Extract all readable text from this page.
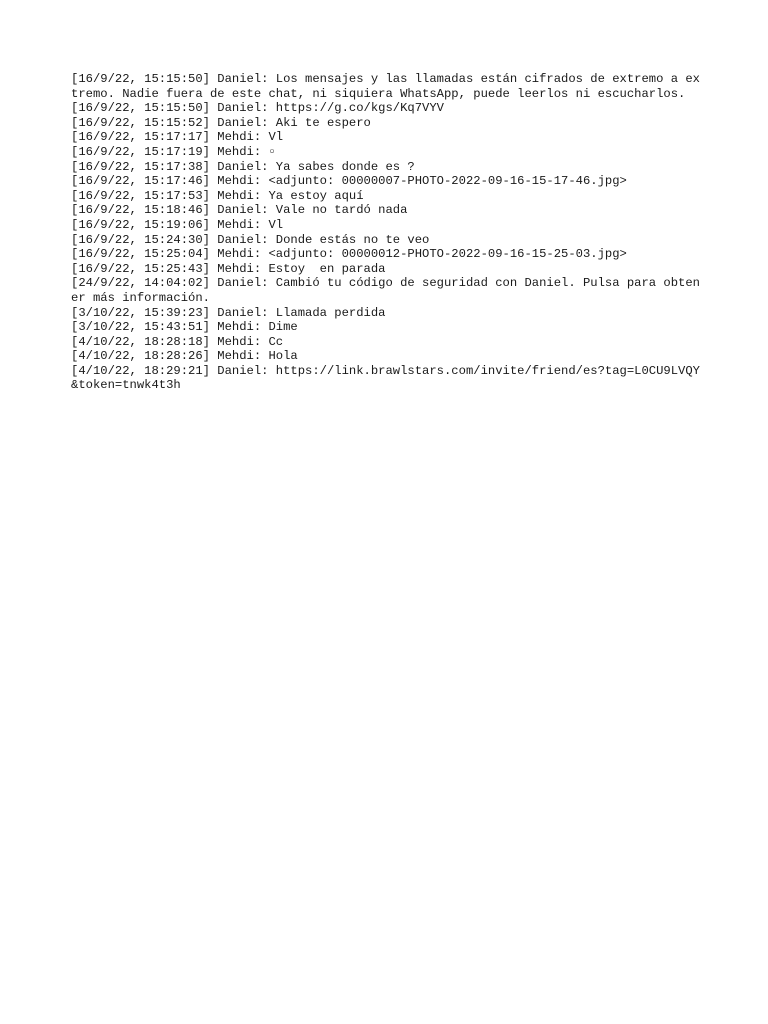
[16/9/22, 15:15:50] Daniel: Los mensajes y las llamadas están cifrados de extremo a extremo. Nadie fuera de este chat, ni siquiera WhatsApp, puede leerlos ni escucharlos.
[16/9/22, 15:15:50] Daniel: https://g.co/kgs/Kq7VYV
[16/9/22, 15:15:52] Daniel: Aki te espero
[16/9/22, 15:17:17] Mehdi: Vl
[16/9/22, 15:17:19] Mehdi: ▫
[16/9/22, 15:17:38] Daniel: Ya sabes donde es ?
[16/9/22, 15:17:46] Mehdi: <adjunto: 00000007-PHOTO-2022-09-16-15-17-46.jpg>
[16/9/22, 15:17:53] Mehdi: Ya estoy aquí
[16/9/22, 15:18:46] Daniel: Vale no tardó nada
[16/9/22, 15:19:06] Mehdi: Vl
[16/9/22, 15:24:30] Daniel: Donde estás no te veo
[16/9/22, 15:25:04] Mehdi: <adjunto: 00000012-PHOTO-2022-09-16-15-25-03.jpg>
[16/9/22, 15:25:43] Mehdi: Estoy  en parada
[24/9/22, 14:04:02] Daniel: Cambió tu código de seguridad con Daniel. Pulsa para obtener más información.
[3/10/22, 15:39:23] Daniel: Llamada perdida
[3/10/22, 15:43:51] Mehdi: Dime
[4/10/22, 18:28:18] Mehdi: Cc
[4/10/22, 18:28:26] Mehdi: Hola
[4/10/22, 18:29:21] Daniel: https://link.brawlstars.com/invite/friend/es?tag=L0CU9LVQY&token=tnwk4t3h
